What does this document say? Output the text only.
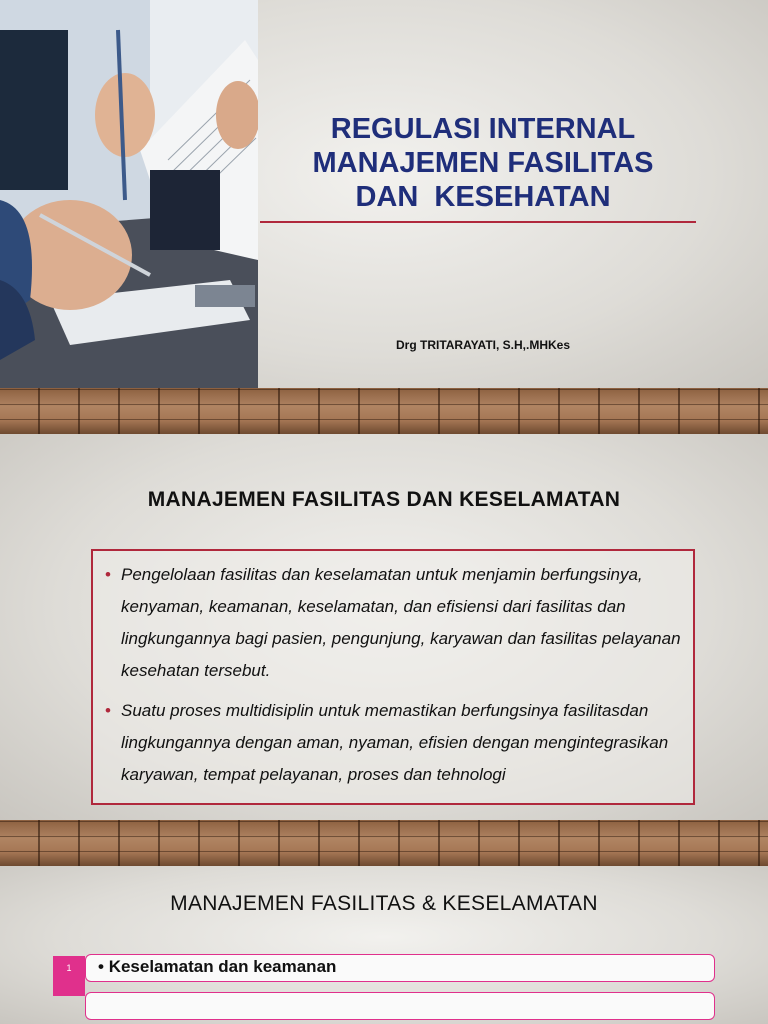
REGULASI INTERNAL
MANAJEMEN FASILITAS
DAN  KESEHATAN
Drg TRITARAYATI, S.H,.MHKes
MANAJEMEN FASILITAS DAN KESELAMATAN
• Pengelolaan fasilitas dan keselamatan untuk menjamin berfungsinya, kenyaman, keamanan, keselamatan, dan efisiensi dari fasilitas dan lingkungannya bagi pasien, pengunjung, karyawan dan fasilitas pelayanan kesehatan tersebut.
• Suatu proses multidisiplin untuk memastikan berfungsinya fasilitasdan lingkungannya dengan aman, nyaman, efisien dengan mengintegrasikan karyawan, tempat pelayanan, proses dan tehnologi
MANAJEMEN FASILITAS & KESELAMATAN
1	• Keselamatan dan keamanan
